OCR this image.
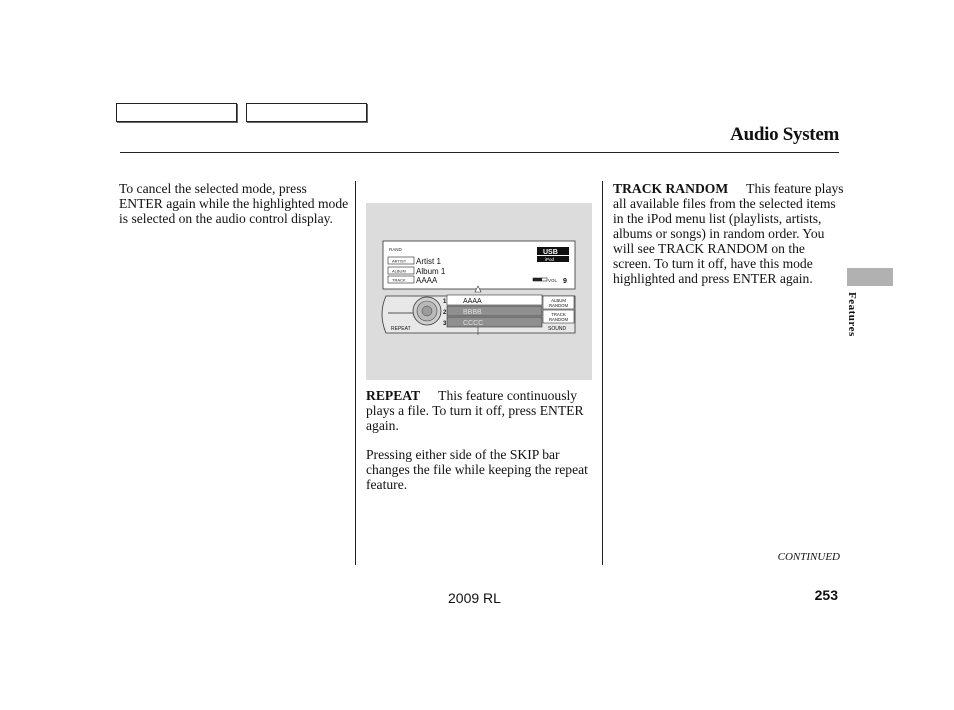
Audio System

To cancel the selected mode, press ENTER again while the highlighted mode is selected on the audio control display.

RAND	USB
iPod
ARTIST Artist 1
ALBUM Album 1
TRACK AAAA	VOL 9
1 AAAA
2 BBBB
3 CCCC
ALBUM
RANDOM
TRACK
RANDOM
REPEAT	SOUND

REPEAT This feature continuously plays a file. To turn it off, press ENTER again.

Pressing either side of the SKIP bar changes the file while keeping the repeat feature.

TRACK RANDOM This feature plays all available files from the selected items in the iPod menu list (playlists, artists, albums or songs) in random order. You will see TRACK RANDOM on the screen. To turn it off, have this mode highlighted and press ENTER again.

Features
CONTINUED
2009 RL	253
